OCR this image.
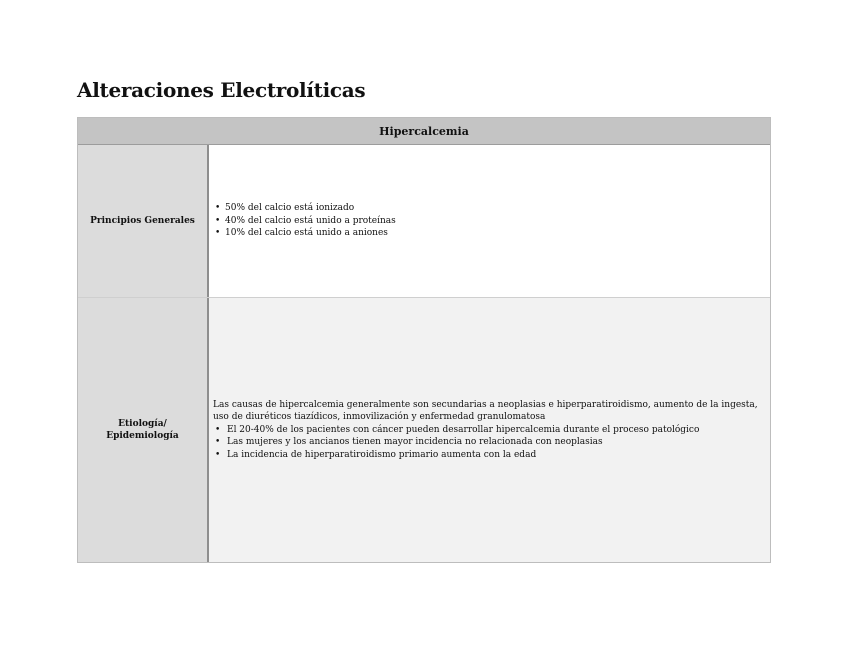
Alteraciones Electrolíticas
Hipercalcemia
Principios Generales
• 50% del calcio está ionizado
• 40% del calcio está unido a proteínas
• 10% del calcio está unido a aniones
Etiología/
Epidemiología

Las causas de hipercalcemia generalmente son secundarias a neoplasias e hiperparatiroidismo, aumento de la ingesta, uso de diuréticos tiazídicos, inmovilización y enfermedad granulomatosa

• El 20-40% de los pacientes con cáncer pueden desarrollar hipercalcemia durante el proceso patológico
• Las mujeres y los ancianos tienen mayor incidencia no relacionada con neoplasias
• La incidencia de hiperparatiroidismo primario aumenta con la edad
